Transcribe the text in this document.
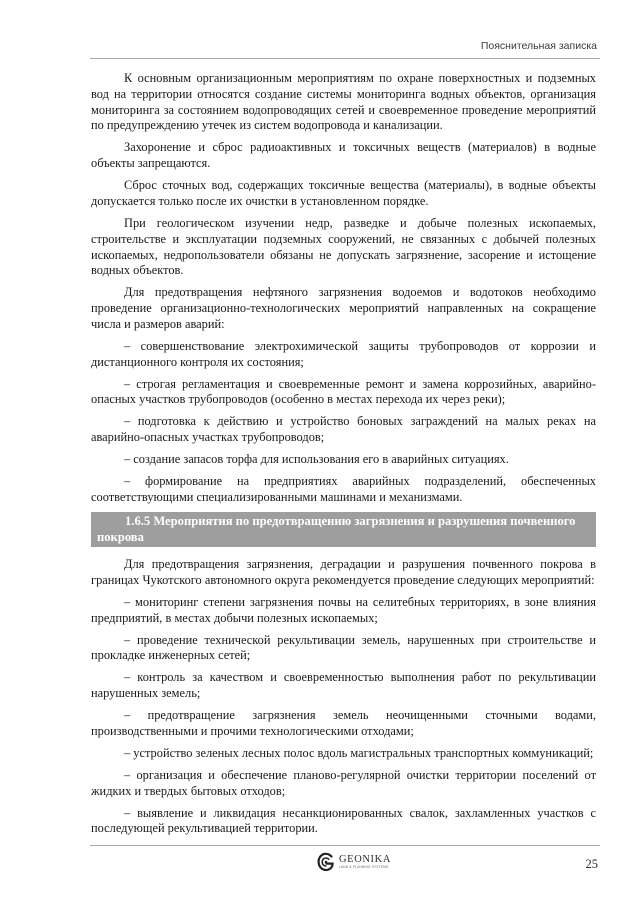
Пояснительная записка

К основным организационным мероприятиям по охране поверхностных и подземных вод на территории относятся создание системы мониторинга водных объектов, организация мониторинга за состоянием водопроводящих сетей и своевременное проведение мероприятий по предупреждению утечек из систем водопровода и канализации.

Захоронение и сброс радиоактивных и токсичных веществ (материалов) в водные объекты запрещаются.

Сброс сточных вод, содержащих токсичные вещества (материалы), в водные объекты допускается только после их очистки в установленном порядке.

При геологическом изучении недр, разведке и добыче полезных ископаемых, строительстве и эксплуатации подземных сооружений, не связанных с добычей полезных ископаемых, недропользователи обязаны не допускать загрязнение, засорение и истощение водных объектов.

Для предотвращения нефтяного загрязнения водоемов и водотоков необходимо проведение организационно-технологических мероприятий направленных на сокращение числа и размеров аварий:

– совершенствование электрохимической защиты трубопроводов от коррозии и дистанционного контроля их состояния;

– строгая регламентация и своевременные ремонт и замена коррозийных, аварийно-опасных участков трубопроводов (особенно в местах перехода их через реки);

– подготовка к действию и устройство боновых заграждений на малых реках на аварийно-опасных участках трубопроводов;

– создание запасов торфа для использования его в аварийных ситуациях.

– формирование на предприятиях аварийных подразделений, обеспеченных соответствующими специализированными машинами и механизмами.

1.6.5 Мероприятия по предотвращению загрязнения и разрушения почвенного покрова

Для предотвращения загрязнения, деградации и разрушения почвенного покрова в границах Чукотского автономного округа рекомендуется проведение следующих мероприятий:

– мониторинг степени загрязнения почвы на селитебных территориях, в зоне влияния предприятий, в местах добычи полезных ископаемых;

– проведение технической рекультивации земель, нарушенных при строительстве и прокладке инженерных сетей;

– контроль за качеством и своевременностью выполнения работ по рекультивации нарушенных земель;

– предотвращение загрязнения земель неочищенными сточными водами, производственными и прочими технологическими отходами;

– устройство зеленых лесных полос вдоль магистральных транспортных коммуникаций;

– организация и обеспечение планово-регулярной очистки территории поселений от жидких и твердых бытовых отходов;

– выявление и ликвидация несанкционированных свалок, захламленных участков с последующей рекультивацией территории.

GEONIKA
LAND & PLANNING SYSTEMS	25
